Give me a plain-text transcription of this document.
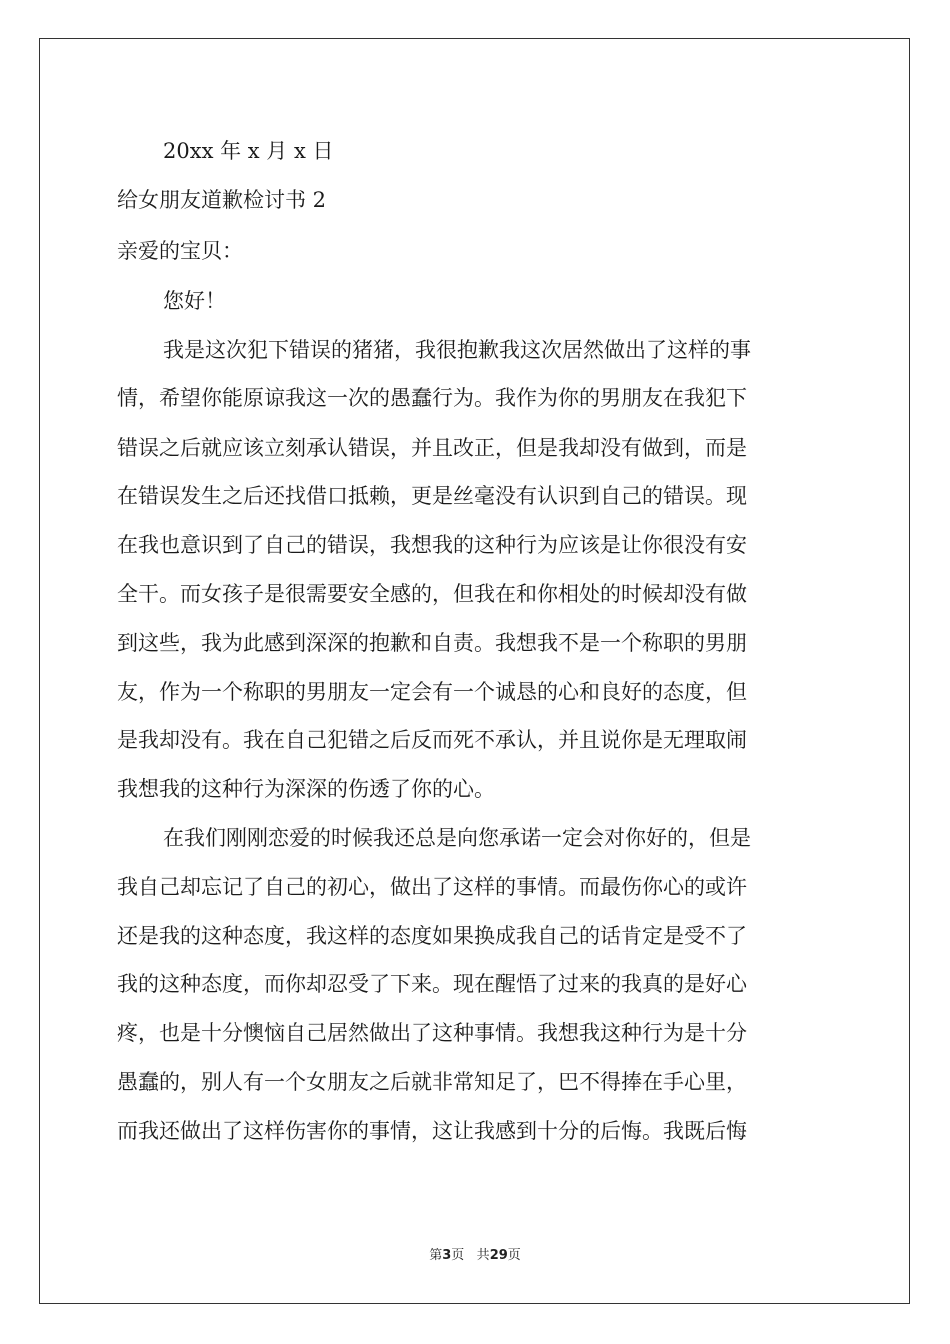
20xx 年 x 月 x 日
给女朋友道歉检讨书 2
亲爱的宝贝：
您好！
我是这次犯下错误的猪猪，我很抱歉我这次居然做出了这样的事
情，希望你能原谅我这一次的愚蠢行为。我作为你的男朋友在我犯下
错误之后就应该立刻承认错误，并且改正，但是我却没有做到，而是
在错误发生之后还找借口抵赖，更是丝毫没有认识到自己的错误。现
在我也意识到了自己的错误，我想我的这种行为应该是让你很没有安
全干。而女孩子是很需要安全感的，但我在和你相处的时候却没有做
到这些，我为此感到深深的抱歉和自责。我想我不是一个称职的男朋
友，作为一个称职的男朋友一定会有一个诚恳的心和良好的态度，但
是我却没有。我在自己犯错之后反而死不承认，并且说你是无理取闹
我想我的这种行为深深的伤透了你的心。
在我们刚刚恋爱的时候我还总是向您承诺一定会对你好的，但是
我自己却忘记了自己的初心，做出了这样的事情。而最伤你心的或许
还是我的这种态度，我这样的态度如果换成我自己的话肯定是受不了
我的这种态度，而你却忍受了下来。现在醒悟了过来的我真的是好心
疼，也是十分懊恼自己居然做出了这种事情。我想我这种行为是十分
愚蠢的，别人有一个女朋友之后就非常知足了，巴不得捧在手心里，
而我还做出了这样伤害你的事情，这让我感到十分的后悔。我既后悔
第3页 共29页
